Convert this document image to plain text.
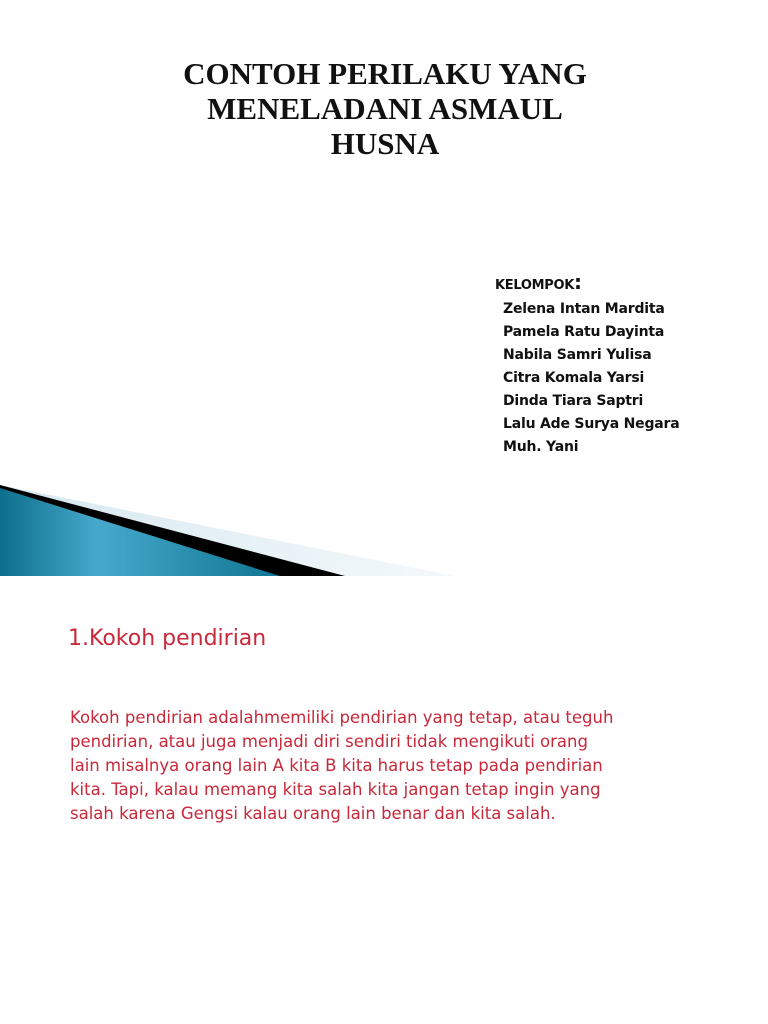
CONTOH PERILAKU YANG
MENELADANI ASMAUL
HUSNA
KELOMPOK:
Zelena Intan Mardita
Pamela Ratu Dayinta
Nabila Samri Yulisa
Citra Komala Yarsi
Dinda Tiara Saptri
Lalu Ade Surya Negara
Muh. Yani
1.Kokoh pendirian
Kokoh pendirian adalahmemiliki pendirian yang tetap, atau teguh
pendirian, atau juga menjadi diri sendiri tidak mengikuti orang
lain misalnya orang lain A kita B kita harus tetap pada pendirian
kita. Tapi, kalau memang kita salah kita jangan tetap ingin yang
salah karena Gengsi kalau orang lain benar dan kita salah.
